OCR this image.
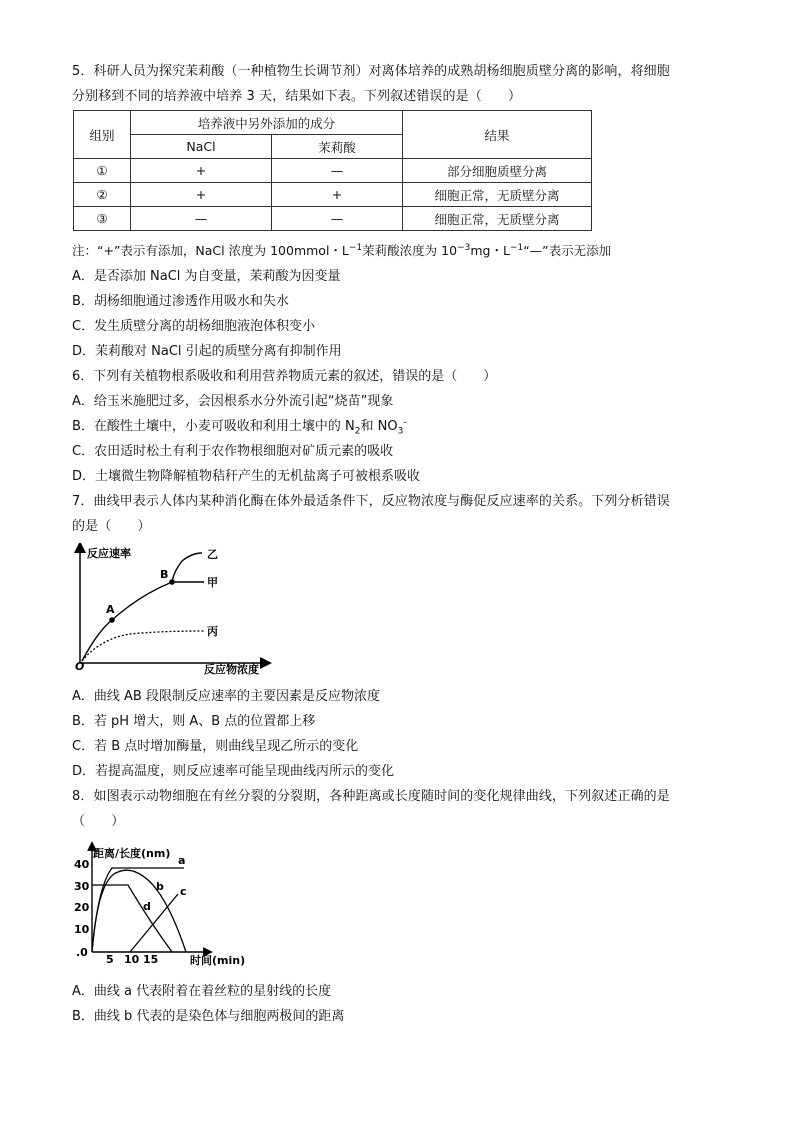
5．科研人员为探究茉莉酸（一种植物生长调节剂）对离体培养的成熟胡杨细胞质壁分离的影响，将细胞
分别移到不同的培养液中培养 3 天，结果如下表。下列叙述错误的是（　　）
组别	培养液中另外添加的成分		结果
	NaCl	茉莉酸	
①	+	—	部分细胞质壁分离
②	+	+	细胞正常，无质壁分离
③	—	—	细胞正常，无质壁分离
注：“+”表示有添加，NaCl 浓度为 100mmol・$L^{-1}$茉莉酸浓度为 $10^{-3}mg$・$L^{-1}“—$”表示无添加
A．是否添加 NaCl 为自变量，茉莉酸为因变量
B．胡杨细胞通过渗透作用吸水和失水
C．发生质壁分离的胡杨细胞液泡体积变小
D．茉莉酸对 NaCl 引起的质壁分离有抑制作用
6．下列有关植物根系吸收和利用营养物质元素的叙述，错误的是（　　）
A．给玉米施肥过多，会因根系水分外流引起“烧苗”现象
B．在酸性土壤中，小麦可吸收和利用土壤中的 $N_2$和 $NO_3^-$
C．农田适时松土有利于农作物根细胞对矿质元素的吸收
D．土壤微生物降解植物秸秆产生的无机盐离子可被根系吸收
7．曲线甲表示人体内某种消化酶在体外最适条件下，反应物浓度与酶促反应速率的关系。下列分析错误
的是（　　）
反应速率
反应物浓度
O
A
B
乙
甲
丙
A．曲线 AB 段限制反应速率的主要因素是反应物浓度
B．若 pH 增大，则 A、B 点的位置都上移
C．若 B 点时增加酶量，则曲线呈现乙所示的变化
D．若提高温度，则反应速率可能呈现曲线丙所示的变化
8．如图表示动物细胞在有丝分裂的分裂期，各种距离或长度随时间的变化规律曲线，下列叙述正确的是
（　　）
距离/长度(nm)
时间(min)
40
30
20
10
.0
5 10 15
a
b c
d
A．曲线 a 代表附着在着丝粒的星射线的长度
B．曲线 b 代表的是染色体与细胞两极间的距离
